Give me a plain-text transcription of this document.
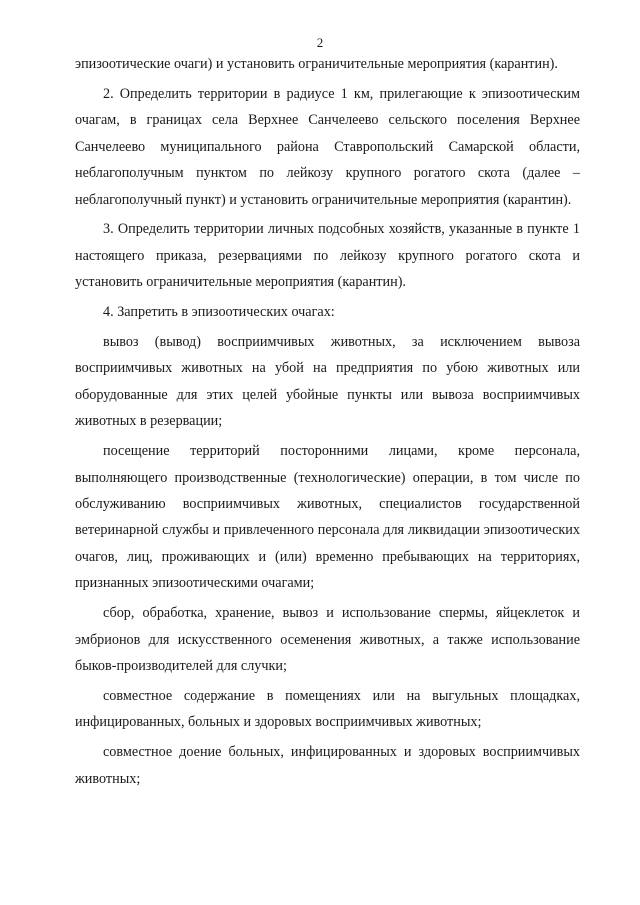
2

эпизоотические очаги) и установить ограничительные мероприятия (карантин).

2. Определить территории в радиусе 1 км, прилегающие к эпизоотическим очагам, в границах села Верхнее Санчелеево сельского поселения Верхнее Санчелеево муниципального района Ставропольский Самарской области, неблагополучным пунктом по лейкозу крупного рогатого скота (далее – неблагополучный пункт) и установить ограничительные мероприятия (карантин).

3. Определить территории личных подсобных хозяйств, указанные в пункте 1 настоящего приказа, резервациями по лейкозу крупного рогатого скота и установить ограничительные мероприятия (карантин).

4. Запретить в эпизоотических очагах:

вывоз (вывод) восприимчивых животных, за исключением вывоза восприимчивых животных на убой на предприятия по убою животных или оборудованные для этих целей убойные пункты или вывоза восприимчивых животных в резервации;

посещение территорий посторонними лицами, кроме персонала, выполняющего производственные (технологические) операции, в том числе по обслуживанию восприимчивых животных, специалистов государственной ветеринарной службы и привлеченного персонала для ликвидации эпизоотических очагов, лиц, проживающих и (или) временно пребывающих на территориях, признанных эпизоотическими очагами;

сбор, обработка, хранение, вывоз и использование спермы, яйцеклеток и эмбрионов для искусственного осеменения животных, а также использование быков-производителей для случки;

совместное содержание в помещениях или на выгульных площадках, инфицированных, больных и здоровых восприимчивых животных;

совместное доение больных, инфицированных и здоровых восприимчивых животных;
